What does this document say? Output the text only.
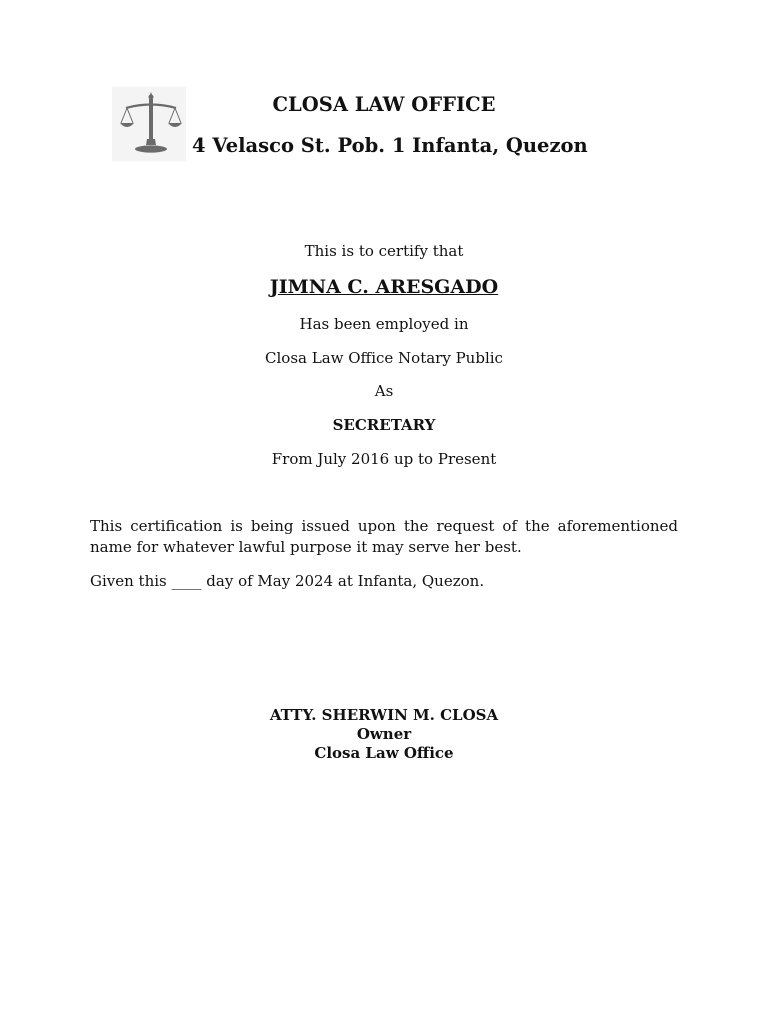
CLOSA LAW OFFICE
4 Velasco St. Pob. 1 Infanta, Quezon
This is to certify that
JIMNA C. ARESGADO
Has been employed in
Closa Law Office Notary Public
As
SECRETARY
From July 2016 up to Present
This certification is being issued upon the request of the aforementioned name for whatever lawful purpose it may serve her best.
Given this ____ day of May 2024 at Infanta, Quezon.
ATTY. SHERWIN M. CLOSA
Owner
Closa Law Office
